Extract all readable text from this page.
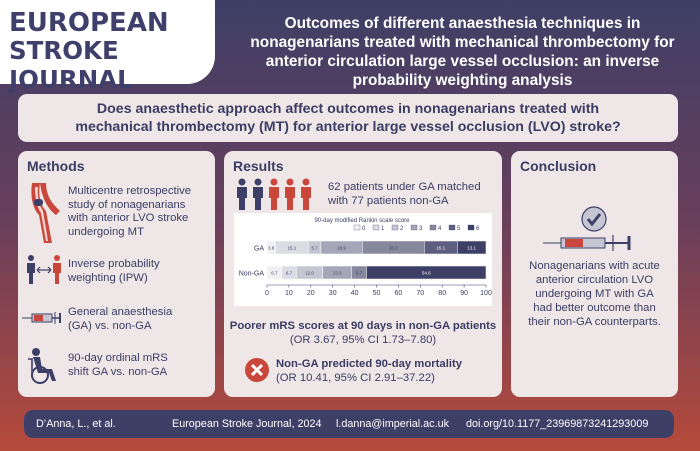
EUROPEAN
STROKE JOURNAL
Outcomes of different anaesthesia techniques in nonagenarians treated with mechanical thrombectomy for anterior circulation large vessel occlusion: an inverse probability weighting analysis
Does anaesthetic approach affect outcomes in nonagenarians treated with
mechanical thrombectomy (MT) for anterior large vessel occlusion (LVO) stroke?
Methods
Multicentre retrospective
study of nonagenarians
with anterior LVO stroke
undergoing MT
Inverse probability
weighting (IPW)
General anaesthesia
(GA) vs. non-GA
90-day ordinal mRS
shift GA vs. non-GA
Results
62 patients under GA matched
with 77 patients non-GA
90-day modified Rankin scale score
0	1	2	3	4	5	6
GA 3.8	15.1	5.7	18.9	28.3	15.1	13.1
Non-GA 6.7 6.7	12.0	13.3	6.7	54.6
0 10 20 30 40 50 60 70 80 90 100
Poorer mRS scores at 90 days in non-GA patients
(OR 3.67, 95% CI 1.73–7.80)
Non-GA predicted 90-day mortality
(OR 10.41, 95% CI 2.91–37.22)
Conclusion
Nonagenarians with acute
anterior circulation LVO
undergoing MT with GA
had better outcome than
their non-GA counterparts.
D’Anna, L., et al.	European Stroke Journal, 2024 l.danna@imperial.ac.uk doi.org/10.1177_23969873241293009
